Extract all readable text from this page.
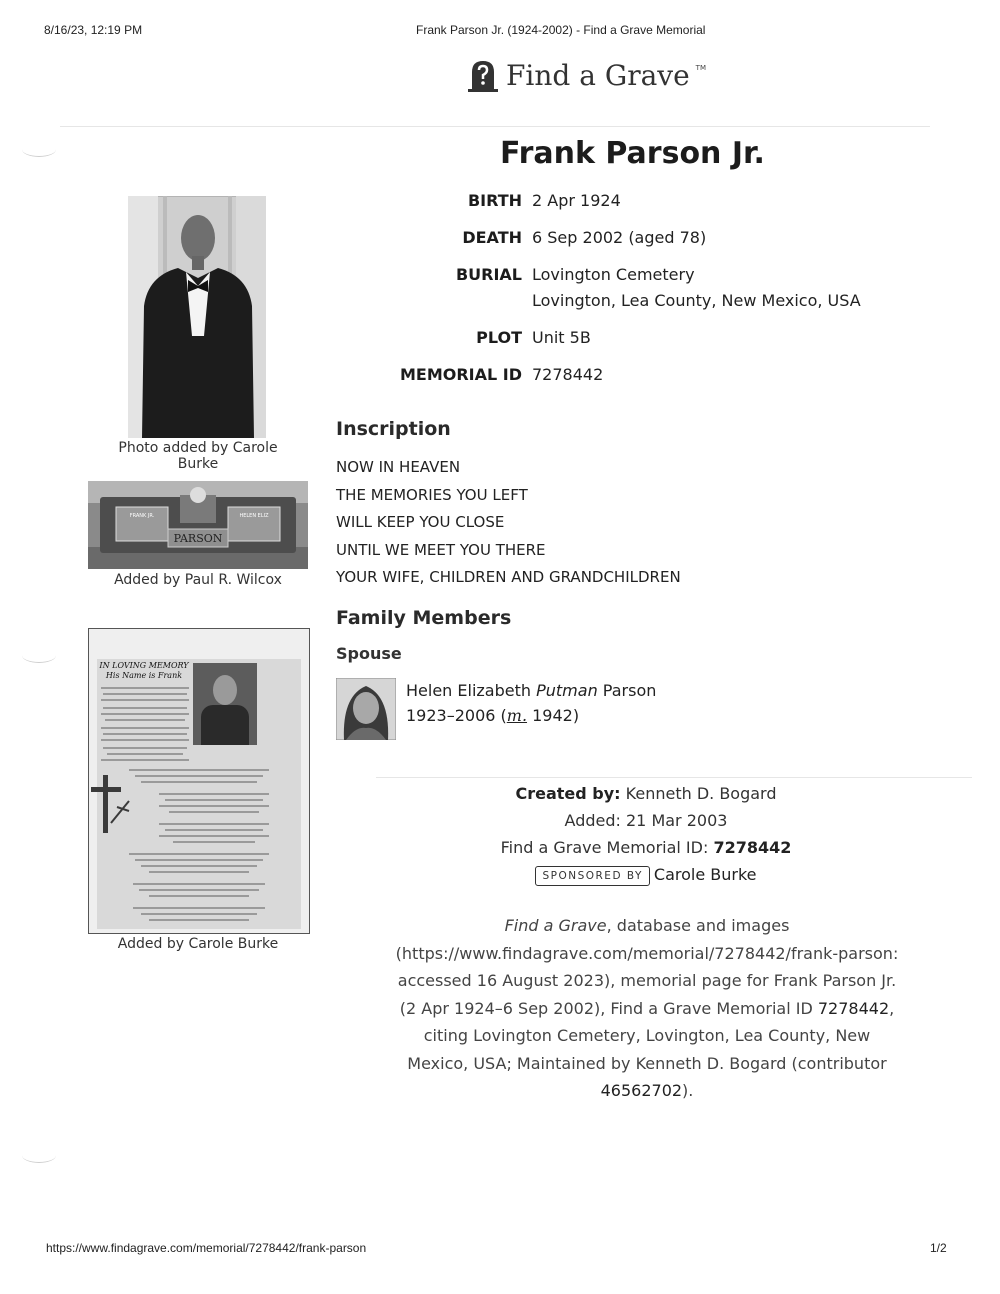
8/16/23, 12:19 PM	Frank Parson Jr. (1924-2002) - Find a Grave Memorial
Find a Grave TM
Frank Parson Jr.
BIRTH 2 Apr 1924
DEATH 6 Sep 2002 (aged 78)
BURIAL Lovington Cemetery
Lovington, Lea County, New Mexico, USA
PLOT Unit 5B
MEMORIAL ID 7278442
Photo added by Carole Burke
FRANK JR.	HELEN ELIZ
PARSON
Added by Paul R. Wilcox
IN LOVING MEMORY
His Name is Frank
Added by Carole Burke
Inscription
NOW IN HEAVEN
THE MEMORIES YOU LEFT
WILL KEEP YOU CLOSE
UNTIL WE MEET YOU THERE
YOUR WIFE, CHILDREN AND GRANDCHILDREN
Family Members
Spouse
Helen Elizabeth Putman Parson
1923–2006 (m. 1942)
Created by: Kenneth D. Bogard
Added: 21 Mar 2003
Find a Grave Memorial ID: 7278442
SPONSORED BY Carole Burke
Find a Grave, database and images (https://www.findagrave.com/memorial/7278442/frank-parson: accessed 16 August 2023), memorial page for Frank Parson Jr. (2 Apr 1924–6 Sep 2002), Find a Grave Memorial ID 7278442, citing Lovington Cemetery, Lovington, Lea County, New Mexico, USA; Maintained by Kenneth D. Bogard (contributor 46562702).
https://www.findagrave.com/memorial/7278442/frank-parson	1/2
